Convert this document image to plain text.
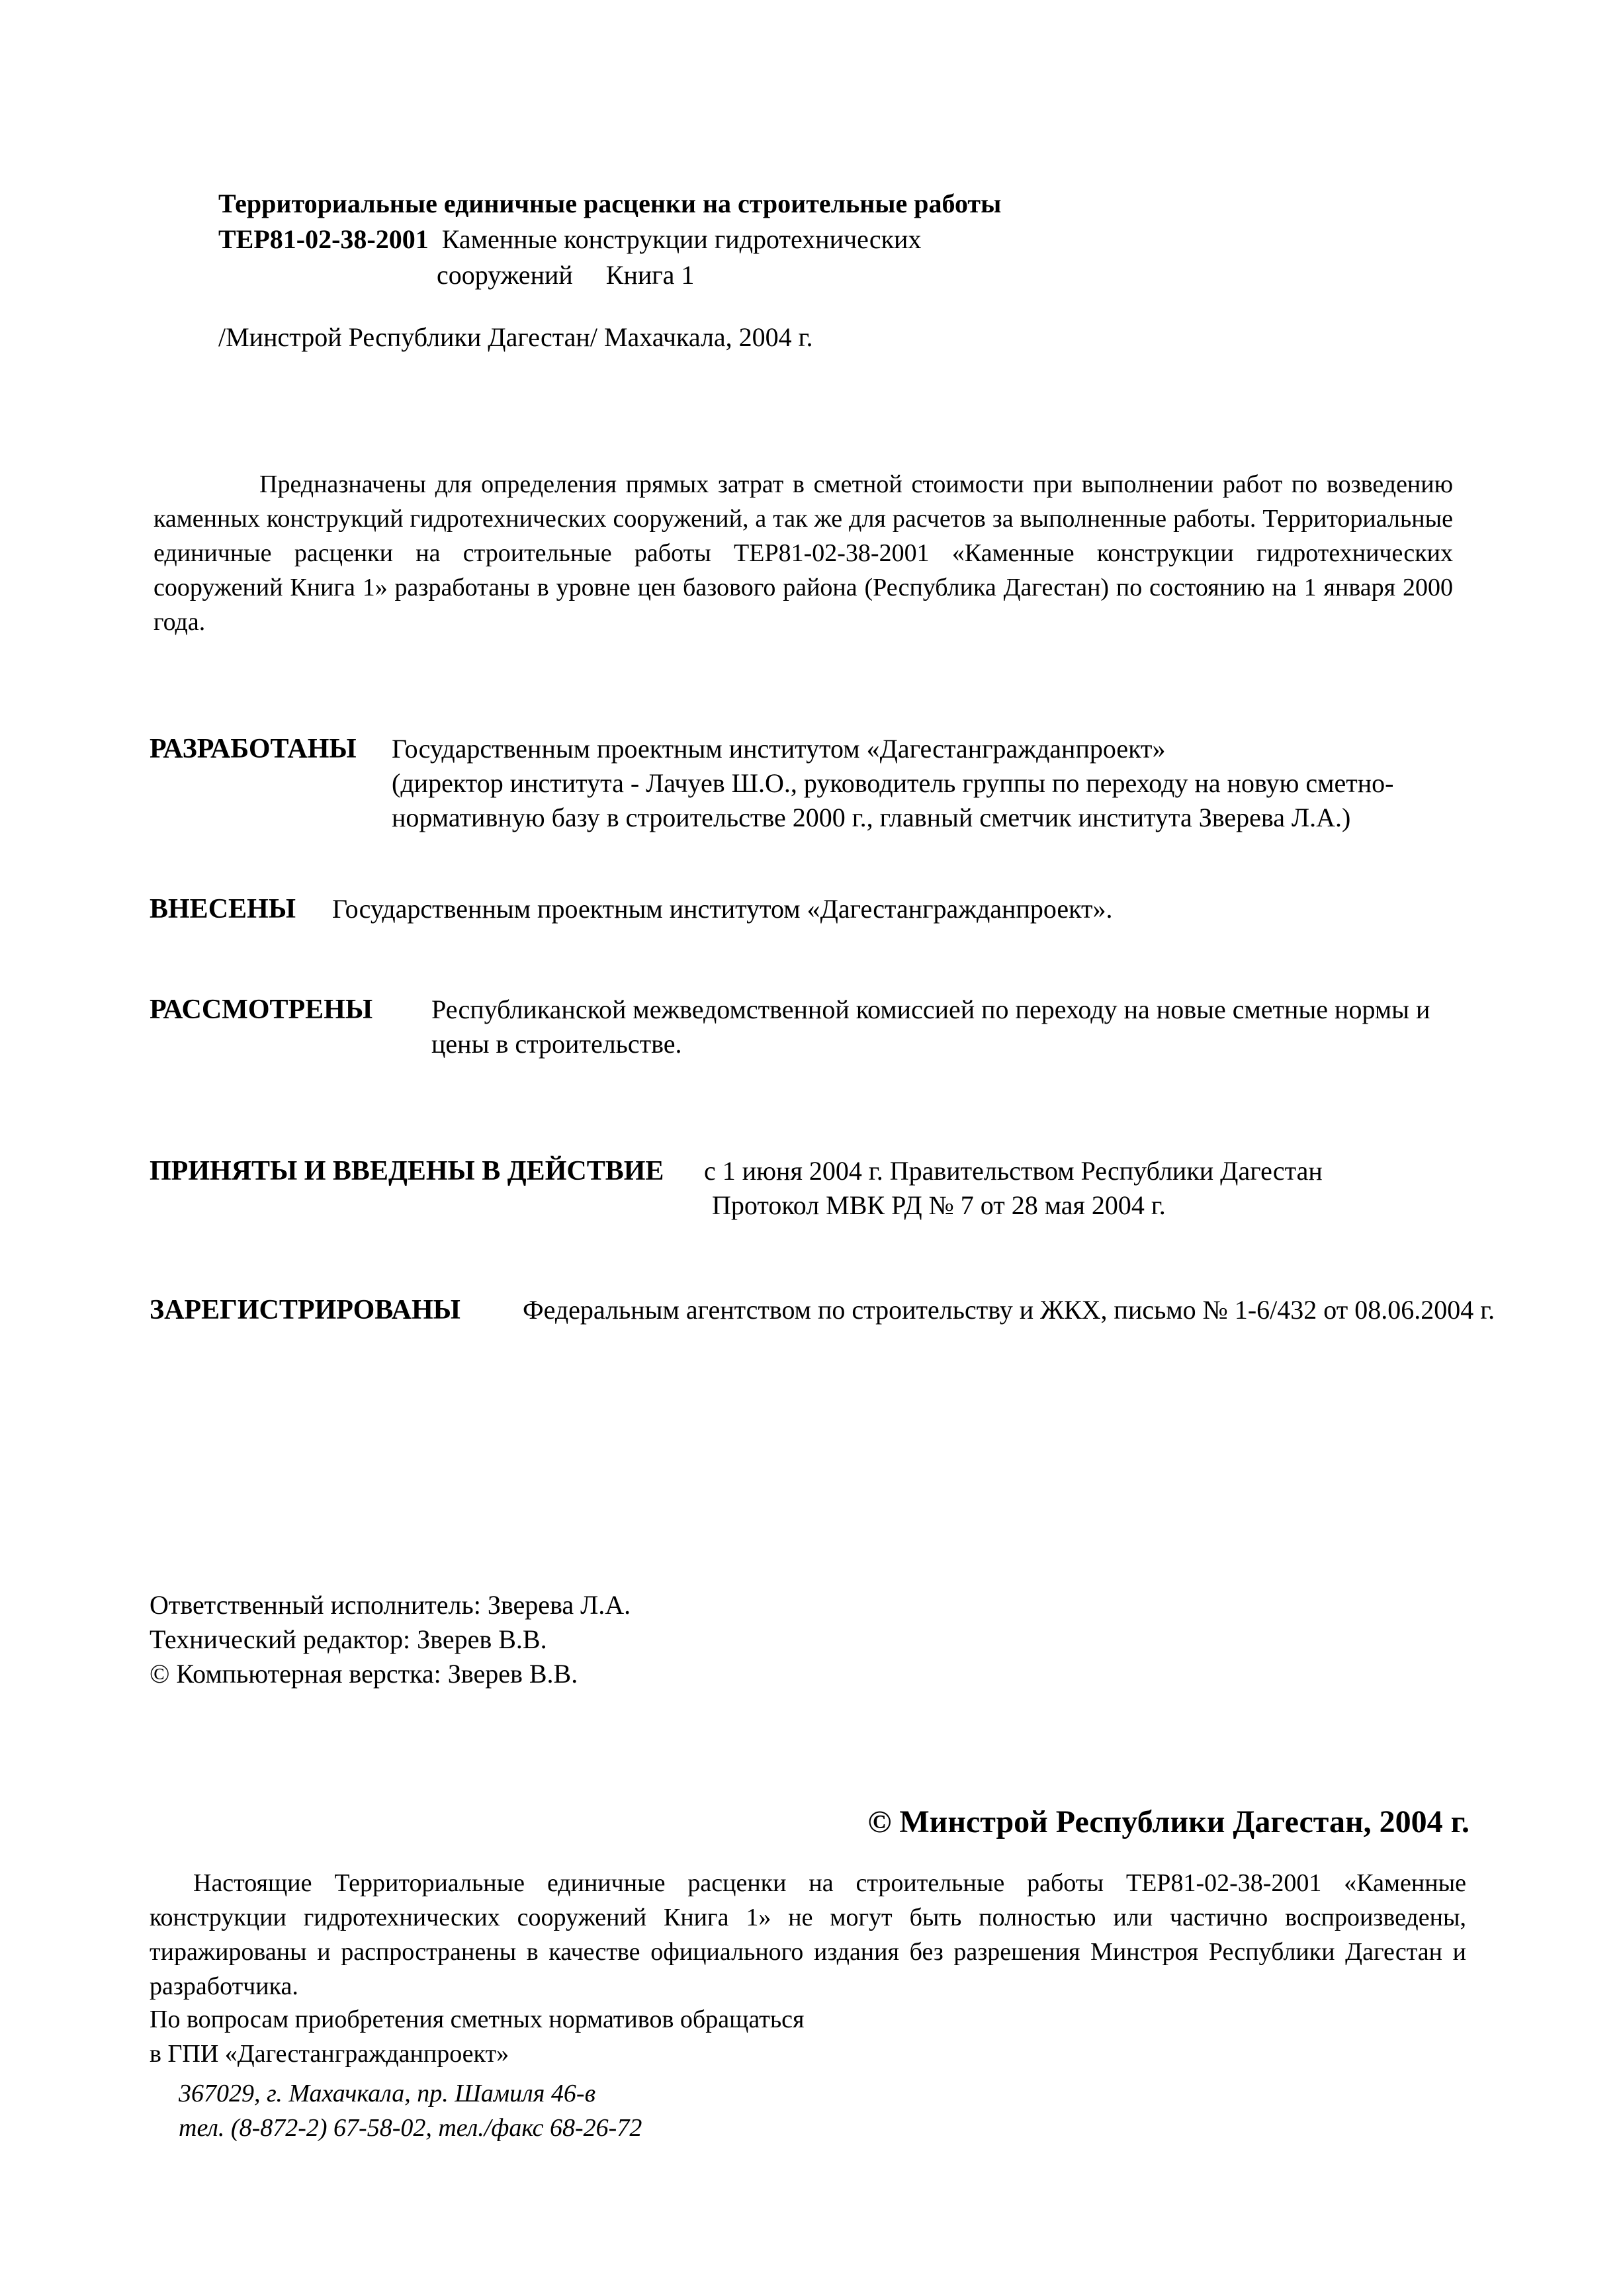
Территориальные единичные расценки на строительные работы
ТЕР81-02-38-2001 Каменные конструкции гидротехнических
сооружений Книга 1
/Минстрой Республики Дагестан/ Махачкала, 2004 г.

Предназначены для определения прямых затрат в сметной стоимости при выполнении работ по возведению каменных конструкций гидротехнических сооружений, а так же для расчетов за выполненные работы. Территориальные единичные расценки на строительные работы ТЕР81-02-38-2001 «Каменные конструкции гидротехнических сооружений Книга 1» разработаны в уровне цен базового района (Республика Дагестан) по состоянию на 1 января 2000 года.

РАЗРАБОТАНЫ Государственным проектным институтом «Дагестангражданпроект»
(директор института - Лачуев Ш.О., руководитель группы по переходу на новую сметно-
нормативную базу в строительстве 2000 г., главный сметчик института Зверева Л.А.)
ВНЕСЕНЫ Государственным проектным институтом «Дагестангражданпроект».
РАССМОТРЕНЫ Республиканской межведомственной комиссией по переходу на новые сметные нормы и цены в строительстве.
ПРИНЯТЫ И ВВЕДЕНЫ В ДЕЙСТВИЕ с 1 июня 2004 г. Правительством Республики Дагестан
Протокол МВК РД № 7 от 28 мая 2004 г.
ЗАРЕГИСТРИРОВАНЫ Федеральным агентством по строительству и ЖКХ, письмо № 1-6/432 от 08.06.2004 г.
Ответственный исполнитель: Зверева Л.А.
Технический редактор: Зверев В.В.
© Компьютерная верстка: Зверев В.В.
© Минстрой Республики Дагестан, 2004 г.

Настоящие Территориальные единичные расценки на строительные работы ТЕР81-02-38-2001 «Каменные конструкции гидротехнических сооружений Книга 1» не могут быть полностью или частично воспроизведены, тиражированы и распространены в качестве официального издания без разрешения Минстроя Республики Дагестан и разработчика.

По вопросам приобретения сметных нормативов обращаться
в ГПИ «Дагестангражданпроект»
367029, г. Махачкала, пр. Шамиля 46-в
тел. (8-872-2) 67-58-02, тел./факс 68-26-72
